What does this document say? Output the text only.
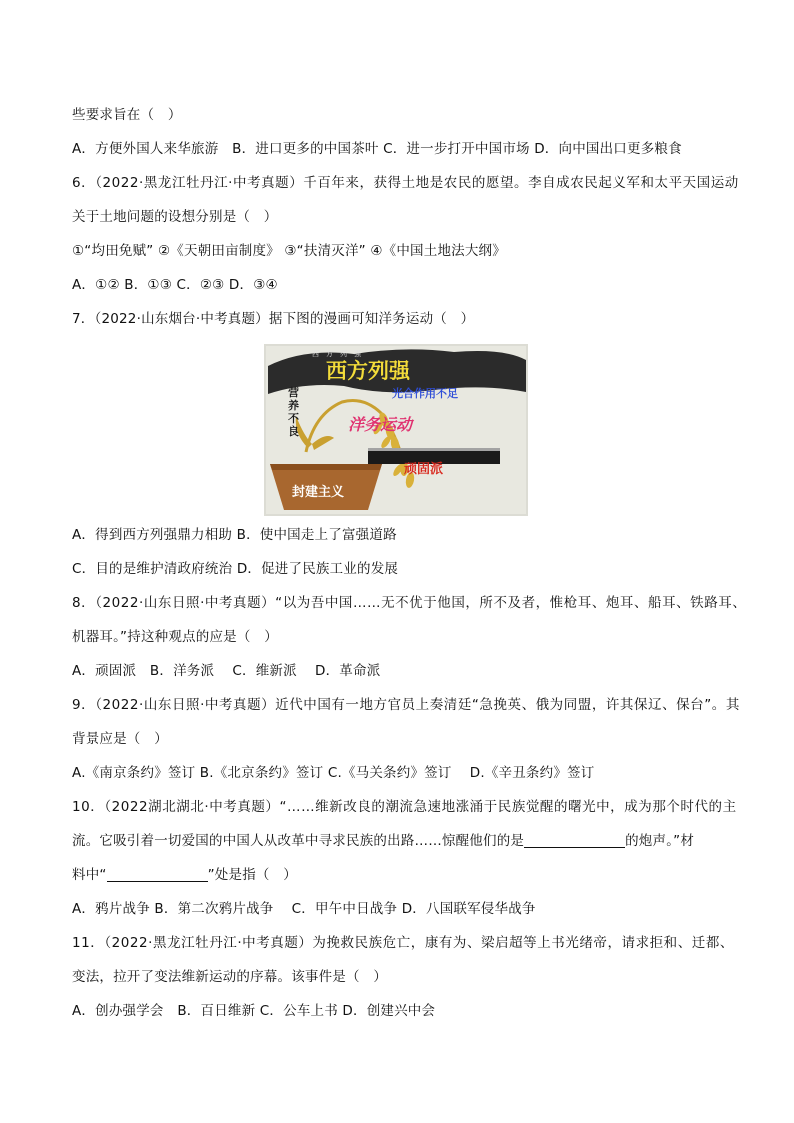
些要求旨在（　）
A．方便外国人来华旅游　B．进口更多的中国茶叶 C．进一步打开中国市场 D．向中国出口更多粮食
6．（2022·黑龙江牡丹江·中考真题）千百年来，获得土地是农民的愿望。李自成农民起义军和太平天国运动
关于土地问题的设想分别是（　）
①“均田免赋” ②《天朝田亩制度》 ③“扶清灭洋” ④《中国土地法大纲》
A．①② B．①③ C．②③ D．③④
7．（2022·山东烟台·中考真题）据下图的漫画可知洋务运动（　）
西　方　列　强
西方列强
光合作用不足
洋务运动
顽固派
营
养
不
良
封建主义
A．得到西方列强鼎力相助 B．使中国走上了富强道路
C．目的是维护清政府统治 D．促进了民族工业的发展
8．（2022·山东日照·中考真题）“以为吾中国……无不优于他国，所不及者，惟枪耳、炮耳、船耳、铁路耳、
机器耳。”持这种观点的应是（　）
A．顽固派　B．洋务派　 C．维新派　 D．革命派
9．（2022·山东日照·中考真题）近代中国有一地方官员上奏清廷“急挽英、俄为同盟，许其保辽、保台”。其
背景应是（　）
A.《南京条约》签订 B.《北京条约》签订 C.《马关条约》签订　 D.《辛丑条约》签订
10．（2022湖北湖北·中考真题）“……维新改良的潮流急速地涨涌于民族觉醒的曙光中，成为那个时代的主
流。它吸引着一切爱国的中国人从改革中寻求民族的出路……惊醒他们的是	的炮声。”材
料中“	”处是指（　）
A．鸦片战争 B．第二次鸦片战争　 C．甲午中日战争 D．八国联军侵华战争
11．（2022·黑龙江牡丹江·中考真题）为挽救民族危亡，康有为、梁启超等上书光绪帝，请求拒和、迁都、
变法，拉开了变法维新运动的序幕。该事件是（　）
A．创办强学会　B．百日维新 C．公车上书 D．创建兴中会
